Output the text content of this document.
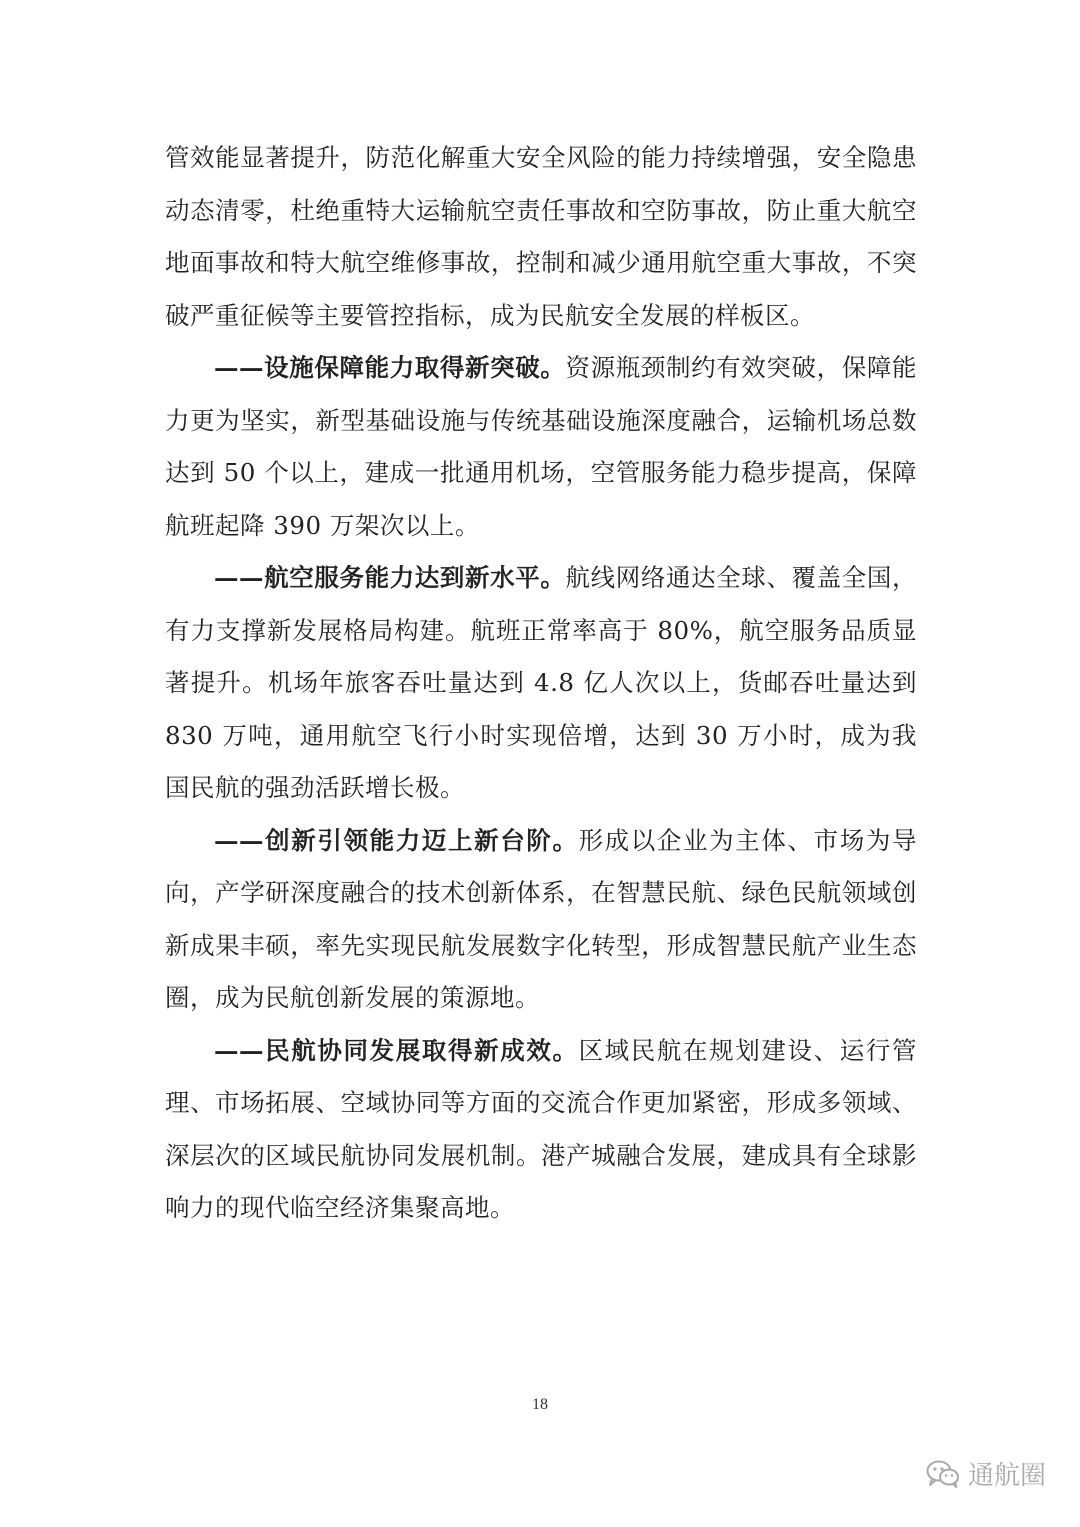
管效能显著提升，防范化解重大安全风险的能力持续增强，安全隐患动态清零，杜绝重特大运输航空责任事故和空防事故，防止重大航空地面事故和特大航空维修事故，控制和减少通用航空重大事故，不突破严重征候等主要管控指标，成为民航安全发展的样板区。

——设施保障能力取得新突破。资源瓶颈制约有效突破，保障能力更为坚实，新型基础设施与传统基础设施深度融合，运输机场总数达到 50 个以上，建成一批通用机场，空管服务能力稳步提高，保障航班起降 390 万架次以上。

——航空服务能力达到新水平。航线网络通达全球、覆盖全国，有力支撑新发展格局构建。航班正常率高于 80%，航空服务品质显著提升。机场年旅客吞吐量达到 4.8 亿人次以上，货邮吞吐量达到 830 万吨，通用航空飞行小时实现倍增，达到 30 万小时，成为我国民航的强劲活跃增长极。

——创新引领能力迈上新台阶。形成以企业为主体、市场为导向，产学研深度融合的技术创新体系，在智慧民航、绿色民航领域创新成果丰硕，率先实现民航发展数字化转型，形成智慧民航产业生态圈，成为民航创新发展的策源地。

——民航协同发展取得新成效。区域民航在规划建设、运行管理、市场拓展、空域协同等方面的交流合作更加紧密，形成多领域、深层次的区域民航协同发展机制。港产城融合发展，建成具有全球影响力的现代临空经济集聚高地。

18
通航圈
